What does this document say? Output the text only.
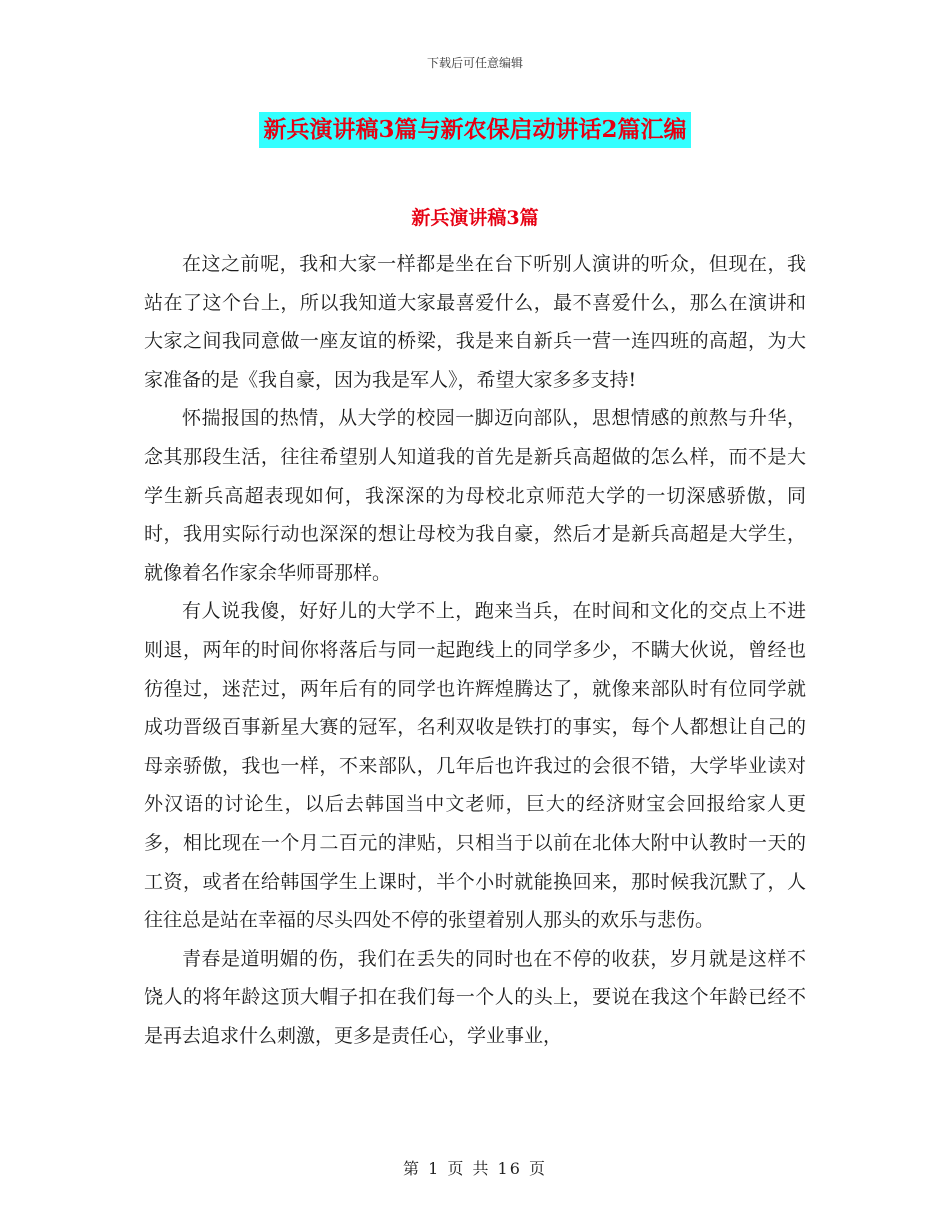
下载后可任意编辑
新兵演讲稿3篇与新农保启动讲话2篇汇编
新兵演讲稿3篇

在这之前呢，我和大家一样都是坐在台下听别人演讲的听众，但现在，我站在了这个台上，所以我知道大家最喜爱什么，最不喜爱什么，那么在演讲和大家之间我同意做一座友谊的桥梁，我是来自新兵一营一连四班的高超，为大家准备的是《我自豪，因为我是军人》，希望大家多多支持!

怀揣报国的热情，从大学的校园一脚迈向部队，思想情感的煎熬与升华，念其那段生活，往往希望别人知道我的首先是新兵高超做的怎么样，而不是大学生新兵高超表现如何，我深深的为母校北京师范大学的一切深感骄傲，同时，我用实际行动也深深的想让母校为我自豪，然后才是新兵高超是大学生，就像着名作家余华师哥那样。

有人说我傻，好好儿的大学不上，跑来当兵，在时间和文化的交点上不进则退，两年的时间你将落后与同一起跑线上的同学多少，不瞒大伙说，曾经也彷徨过，迷茫过，两年后有的同学也许辉煌腾达了，就像来部队时有位同学就成功晋级百事新星大赛的冠军，名利双收是铁打的事实，每个人都想让自己的母亲骄傲，我也一样，不来部队，几年后也许我过的会很不错，大学毕业读对外汉语的讨论生，以后去韩国当中文老师，巨大的经济财宝会回报给家人更多，相比现在一个月二百元的津贴，只相当于以前在北体大附中认教时一天的工资，或者在给韩国学生上课时，半个小时就能换回来，那时候我沉默了，人往往总是站在幸福的尽头四处不停的张望着别人那头的欢乐与悲伤。

青春是道明媚的伤，我们在丢失的同时也在不停的收获，岁月就是这样不饶人的将年龄这顶大帽子扣在我们每一个人的头上，要说在我这个年龄已经不是再去追求什么刺激，更多是责任心，学业事业，

第 1 页 共 16 页
